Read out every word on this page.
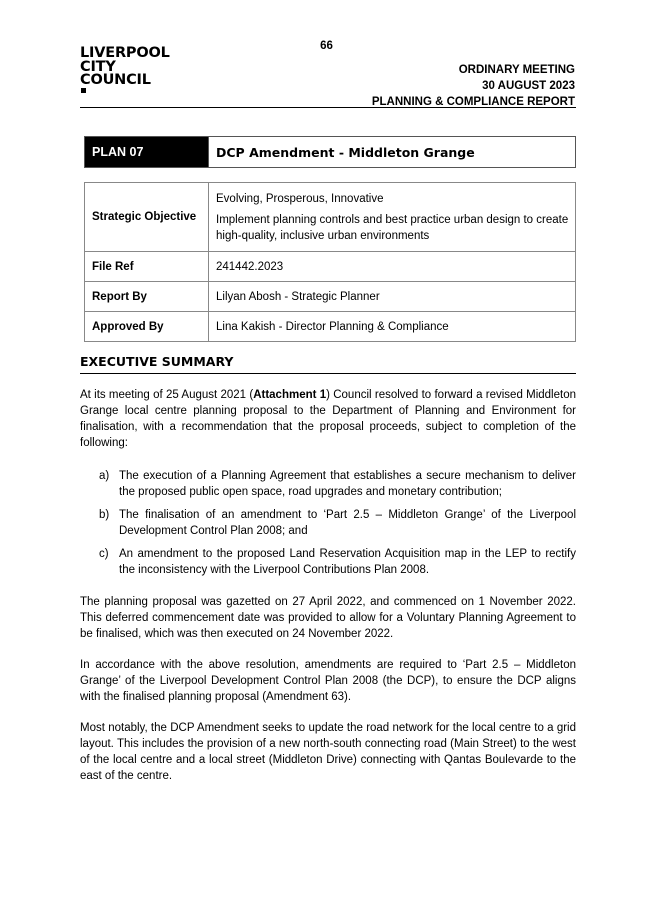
66
LIVERPOOL
CITY
COUNCIL
ORDINARY MEETING
30 AUGUST 2023
PLANNING & COMPLIANCE REPORT
PLAN 07	DCP Amendment - Middleton Grange
Strategic Objective	Evolving, Prosperous, Innovative

Implement planning controls and best practice urban design to create high-quality, inclusive urban environments

File Ref	241442.2023
Report By	Lilyan Abosh - Strategic Planner
Approved By	Lina Kakish - Director Planning & Compliance
EXECUTIVE SUMMARY
At its meeting of 25 August 2021 (Attachment 1) Council resolved to forward a revised Middleton Grange local centre planning proposal to the Department of Planning and Environment for finalisation, with a recommendation that the proposal proceeds, subject to completion of the following:
a) The execution of a Planning Agreement that establishes a secure mechanism to deliver the proposed public open space, road upgrades and monetary contribution;
b) The finalisation of an amendment to ‘Part 2.5 – Middleton Grange’ of the Liverpool Development Control Plan 2008; and
c) An amendment to the proposed Land Reservation Acquisition map in the LEP to rectify the inconsistency with the Liverpool Contributions Plan 2008.
The planning proposal was gazetted on 27 April 2022, and commenced on 1 November 2022. This deferred commencement date was provided to allow for a Voluntary Planning Agreement to be finalised, which was then executed on 24 November 2022.
In accordance with the above resolution, amendments are required to ‘Part 2.5 – Middleton Grange’ of the Liverpool Development Control Plan 2008 (the DCP), to ensure the DCP aligns with the finalised planning proposal (Amendment 63).
Most notably, the DCP Amendment seeks to update the road network for the local centre to a grid layout. This includes the provision of a new north-south connecting road (Main Street) to the west of the local centre and a local street (Middleton Drive) connecting with Qantas Boulevarde to the east of the centre.
